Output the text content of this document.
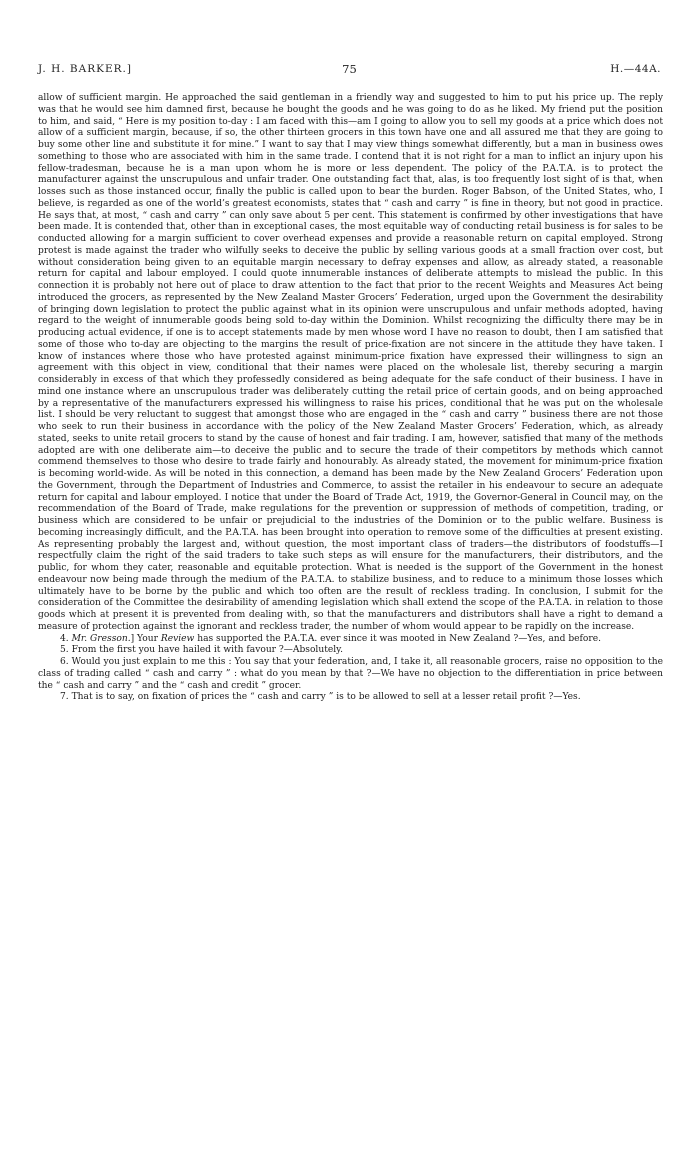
J. H. BARKER.]	75	H.—44A.

allow of sufficient margin. He approached the said gentleman in a friendly way and suggested to him to put his price up. The reply was that he would see him damned first, because he bought the goods and he was going to do as he liked. My friend put the position to him, and said, “ Here is my position to-day : I am faced with this—am I going to allow you to sell my goods at a price which does not allow of a sufficient margin, because, if so, the other thirteen grocers in this town have one and all assured me that they are going to buy some other line and substitute it for mine.” I want to say that I may view things somewhat differently, but a man in business owes something to those who are associated with him in the same trade. I contend that it is not right for a man to inflict an injury upon his fellow-tradesman, because he is a man upon whom he is more or less dependent. The policy of the P.A.T.A. is to protect the manufacturer against the unscrupulous and unfair trader. One outstanding fact that, alas, is too frequently lost sight of is that, when losses such as those instanced occur, finally the public is called upon to bear the burden. Roger Babson, of the United States, who, I believe, is regarded as one of the world’s greatest economists, states that “ cash and carry ” is fine in theory, but not good in practice. He says that, at most, “ cash and carry ” can only save about 5 per cent. This statement is confirmed by other investigations that have been made. It is contended that, other than in exceptional cases, the most equitable way of conducting retail business is for sales to be conducted allowing for a margin sufficient to cover overhead expenses and provide a reasonable return on capital employed. Strong protest is made against the trader who wilfully seeks to deceive the public by selling various goods at a small fraction over cost, but without consideration being given to an equitable margin necessary to defray expenses and allow, as already stated, a reasonable return for capital and labour employed. I could quote innumerable instances of deliberate attempts to mislead the public. In this connection it is probably not here out of place to draw attention to the fact that prior to the recent Weights and Measures Act being introduced the grocers, as represented by the New Zealand Master Grocers’ Federation, urged upon the Government the desirability of bringing down legislation to protect the public against what in its opinion were unscrupulous and unfair methods adopted, having regard to the weight of innumerable goods being sold to-day within the Dominion. Whilst recognizing the difficulty there may be in producing actual evidence, if one is to accept statements made by men whose word I have no reason to doubt, then I am satisfied that some of those who to-day are objecting to the margins the result of price-fixation are not sincere in the attitude they have taken. I know of instances where those who have protested against minimum-price fixation have expressed their willingness to sign an agreement with this object in view, conditional that their names were placed on the wholesale list, thereby securing a margin considerably in excess of that which they professedly considered as being adequate for the safe conduct of their business. I have in mind one instance where an unscrupulous trader was deliberately cutting the retail price of certain goods, and on being approached by a representative of the manufacturers expressed his willingness to raise his prices, conditional that he was put on the wholesale list. I should be very reluctant to suggest that amongst those who are engaged in the “ cash and carry ” business there are not those who seek to run their business in accordance with the policy of the New Zealand Master Grocers’ Federation, which, as already stated, seeks to unite retail grocers to stand by the cause of honest and fair trading. I am, however, satisfied that many of the methods adopted are with one deliberate aim—to deceive the public and to secure the trade of their competitors by methods which cannot commend themselves to those who desire to trade fairly and honourably. As already stated, the movement for minimum-price fixation is becoming world-wide. As will be noted in this connection, a demand has been made by the New Zealand Grocers’ Federation upon the Government, through the Department of Industries and Commerce, to assist the retailer in his endeavour to secure an adequate return for capital and labour employed. I notice that under the Board of Trade Act, 1919, the Governor-General in Council may, on the recommendation of the Board of Trade, make regulations for the prevention or suppression of methods of competition, trading, or business which are considered to be unfair or prejudicial to the industries of the Dominion or to the public welfare. Business is becoming increasingly difficult, and the P.A.T.A. has been brought into operation to remove some of the difficulties at present existing. As representing probably the largest and, without question, the most important class of traders—the distributors of foodstuffs—I respectfully claim the right of the said traders to take such steps as will ensure for the manufacturers, their distributors, and the public, for whom they cater, reasonable and equitable protection. What is needed is the support of the Government in the honest endeavour now being made through the medium of the P.A.T.A. to stabilize business, and to reduce to a minimum those losses which ultimately have to be borne by the public and which too often are the result of reckless trading. In conclusion, I submit for the consideration of the Committee the desirability of amending legislation which shall extend the scope of the P.A.T.A. in relation to those goods which at present it is prevented from dealing with, so that the manufacturers and distributors shall have a right to demand a measure of protection against the ignorant and reckless trader, the number of whom would appear to be rapidly on the increase.

4. Mr. Gresson.] Your Review has supported the P.A.T.A. ever since it was mooted in New Zealand ?—Yes, and before.

5. From the first you have hailed it with favour ?—Absolutely.

6. Would you just explain to me this : You say that your federation, and, I take it, all reasonable grocers, raise no opposition to the class of trading called “ cash and carry ” : what do you mean by that ?—We have no objection to the differentiation in price between the “ cash and carry ” and the “ cash and credit ” grocer.

7. That is to say, on fixation of prices the “ cash and carry ” is to be allowed to sell at a lesser retail profit ?—Yes.
